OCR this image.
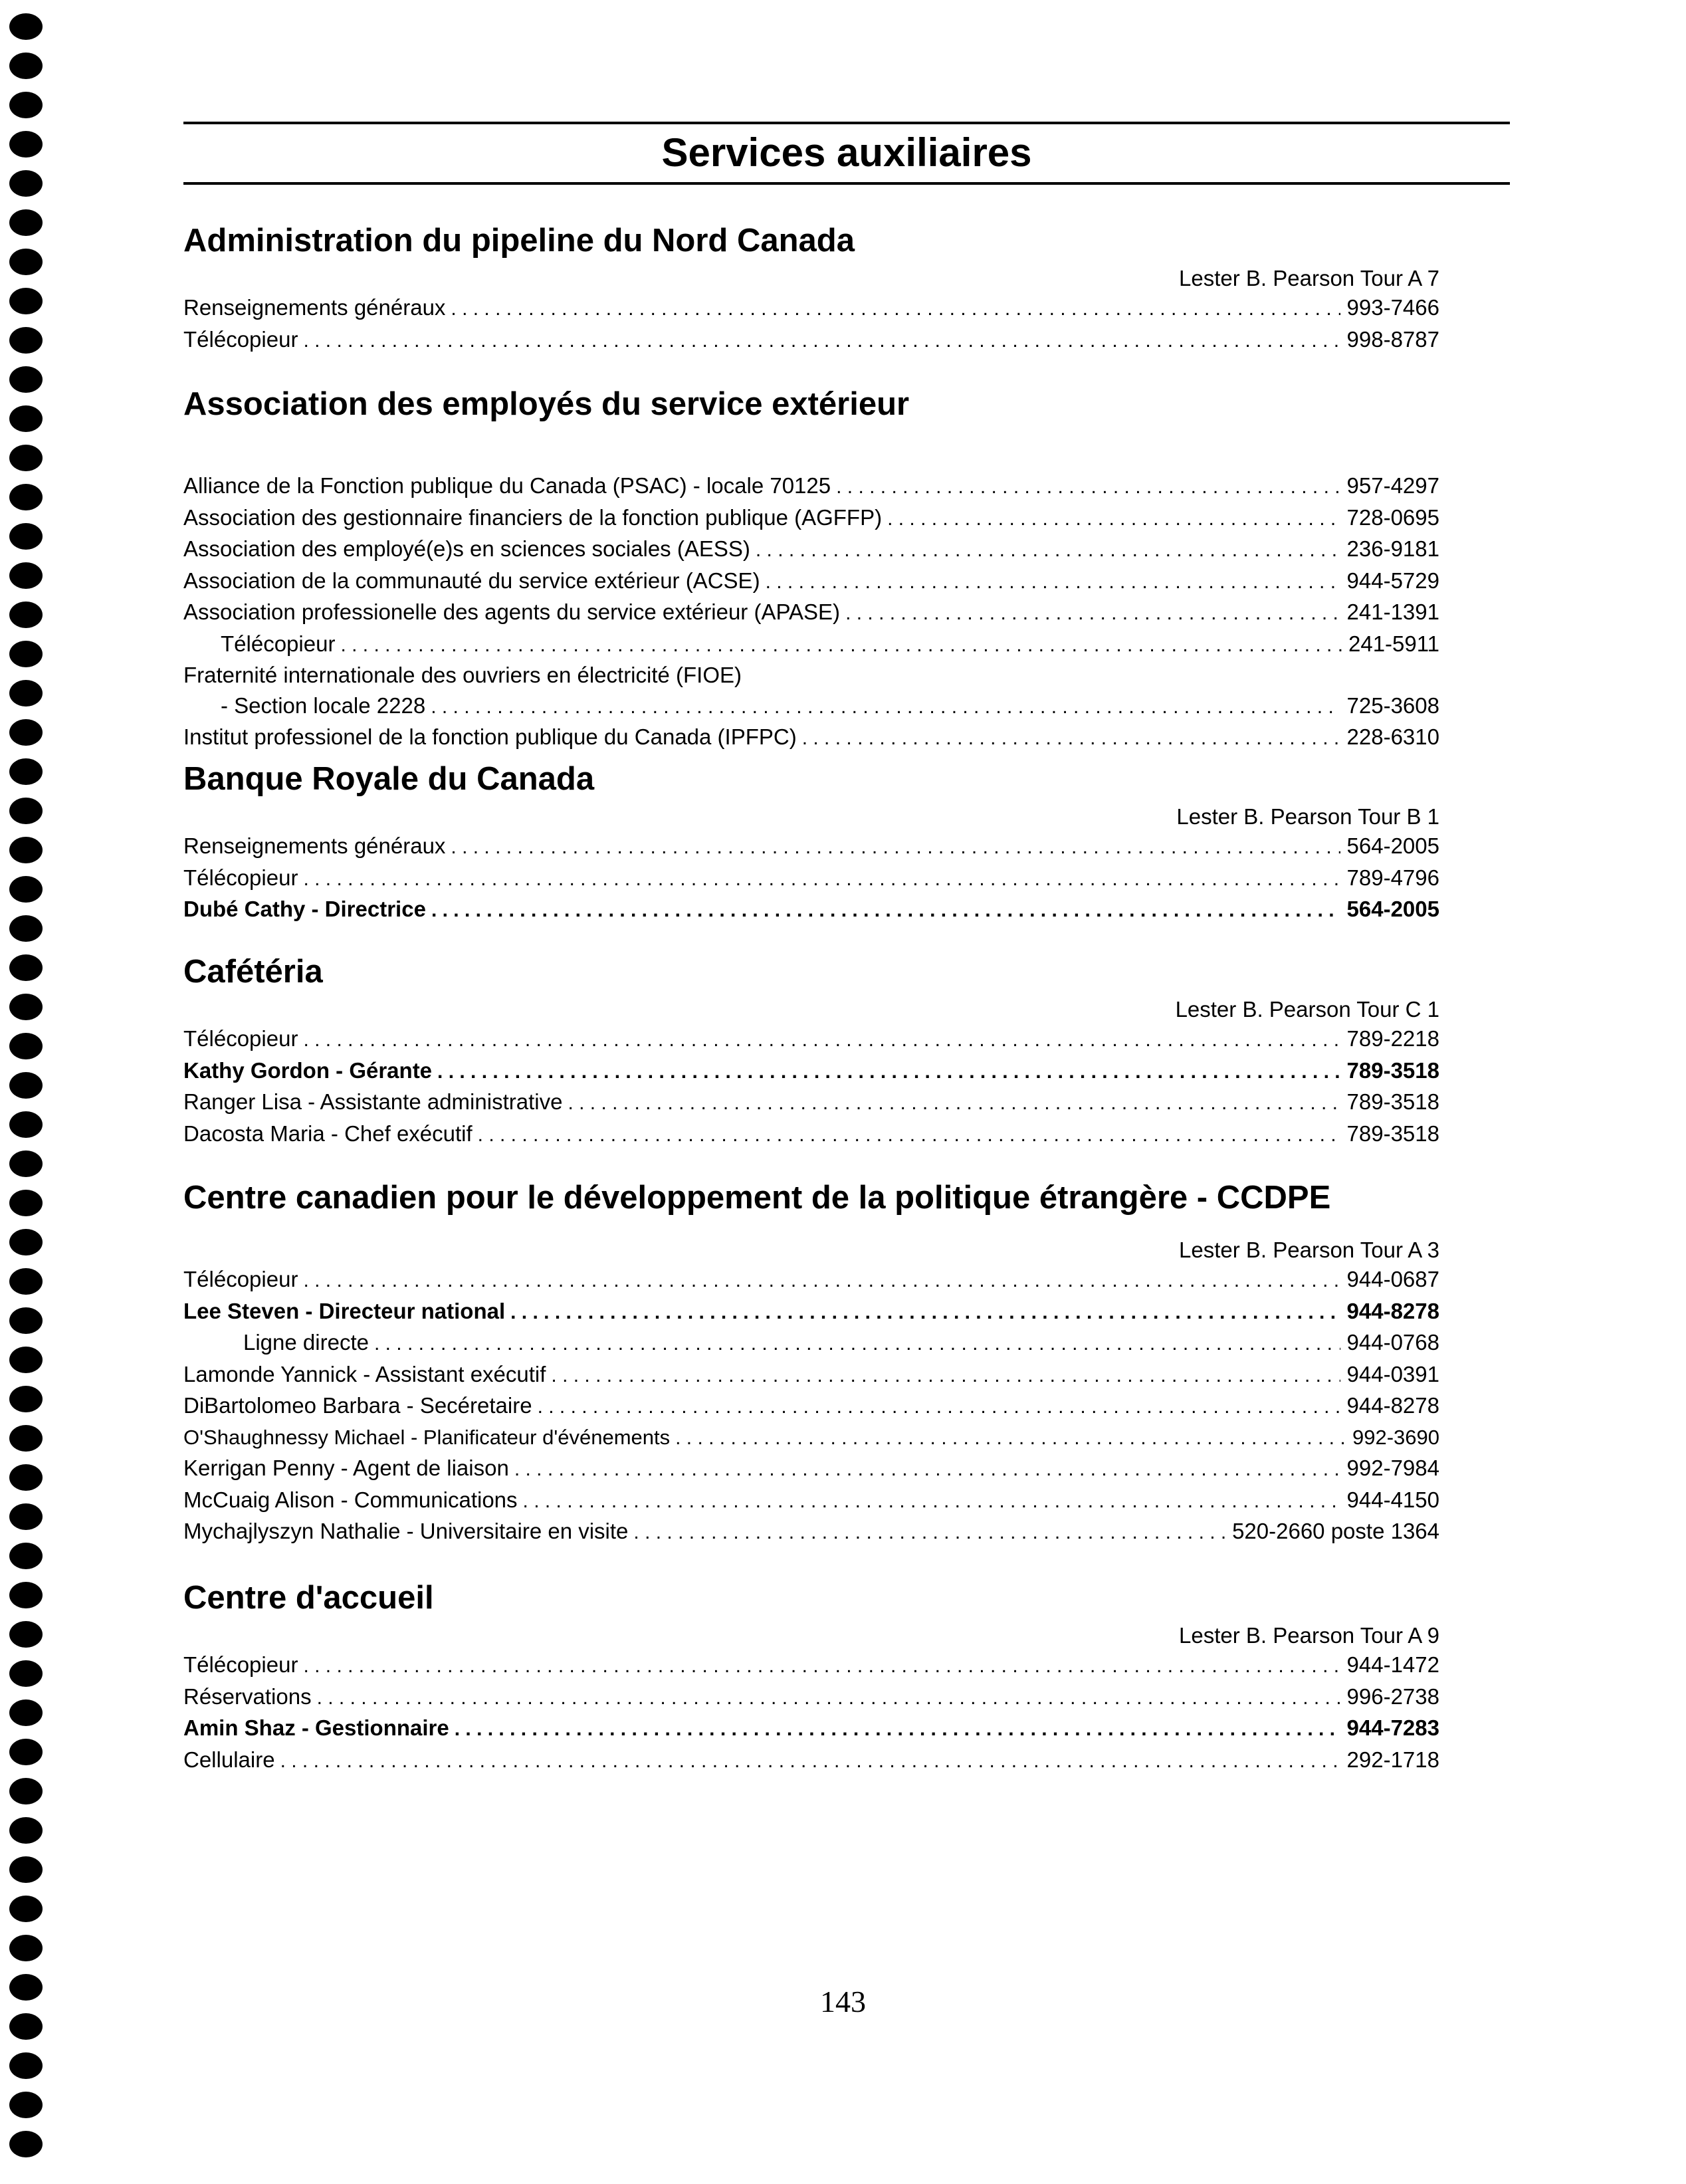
Services auxiliaires
Administration du pipeline du Nord Canada
Lester B. Pearson Tour A 7
Renseignements généraux . . .	993-7466
Télécopieur . . .	998-8787
Association des employés du service extérieur
Alliance de la Fonction publique du Canada (PSAC) - locale 70125 . . .	957-4297
Association des gestionnaire financiers de la fonction publique (AGFFP) . . .	728-0695
Association des employé(e)s en sciences sociales (AESS) . . .	236-9181
Association de la communauté du service extérieur (ACSE) . . .	944-5729
Association professionelle des agents du service extérieur (APASE) . . .	241-1391
Télécopieur . . .	241-5911
Fraternité internationale des ouvriers en électricité (FIOE)
- Section locale 2228 . . .	725-3608
Institut professionel de la fonction publique du Canada (IPFPC) . . .	228-6310
Banque Royale du Canada
Lester B. Pearson Tour B 1
Renseignements généraux . . .	564-2005
Télécopieur . . .	789-4796
Dubé Cathy - Directrice . . .	564-2005
Cafétéria
Lester B. Pearson Tour C 1
Télécopieur . . .	789-2218
Kathy Gordon - Gérante . . .	789-3518
Ranger Lisa - Assistante administrative . . .	789-3518
Dacosta Maria - Chef exécutif . . .	789-3518
Centre canadien pour le développement de la politique étrangère - CCDPE
Lester B. Pearson Tour A 3
Télécopieur . . .	944-0687
Lee Steven - Directeur national . . .	944-8278
Ligne directe . . .	944-0768
Lamonde Yannick - Assistant exécutif . . .	944-0391
DiBartolomeo Barbara - Secéretaire . . .	944-8278
O'Shaughnessy Michael - Planificateur d'événements . . .	992-3690
Kerrigan Penny - Agent de liaison . . .	992-7984
McCuaig Alison - Communications . . .	944-4150
Mychajlyszyn Nathalie - Universitaire en visite . . .	520-2660 poste 1364
Centre d'accueil
Lester B. Pearson Tour A 9
Télécopieur . . .	944-1472
Réservations . . .	996-2738
Amin Shaz - Gestionnaire . . .	944-7283
Cellulaire . . .	292-1718
143
